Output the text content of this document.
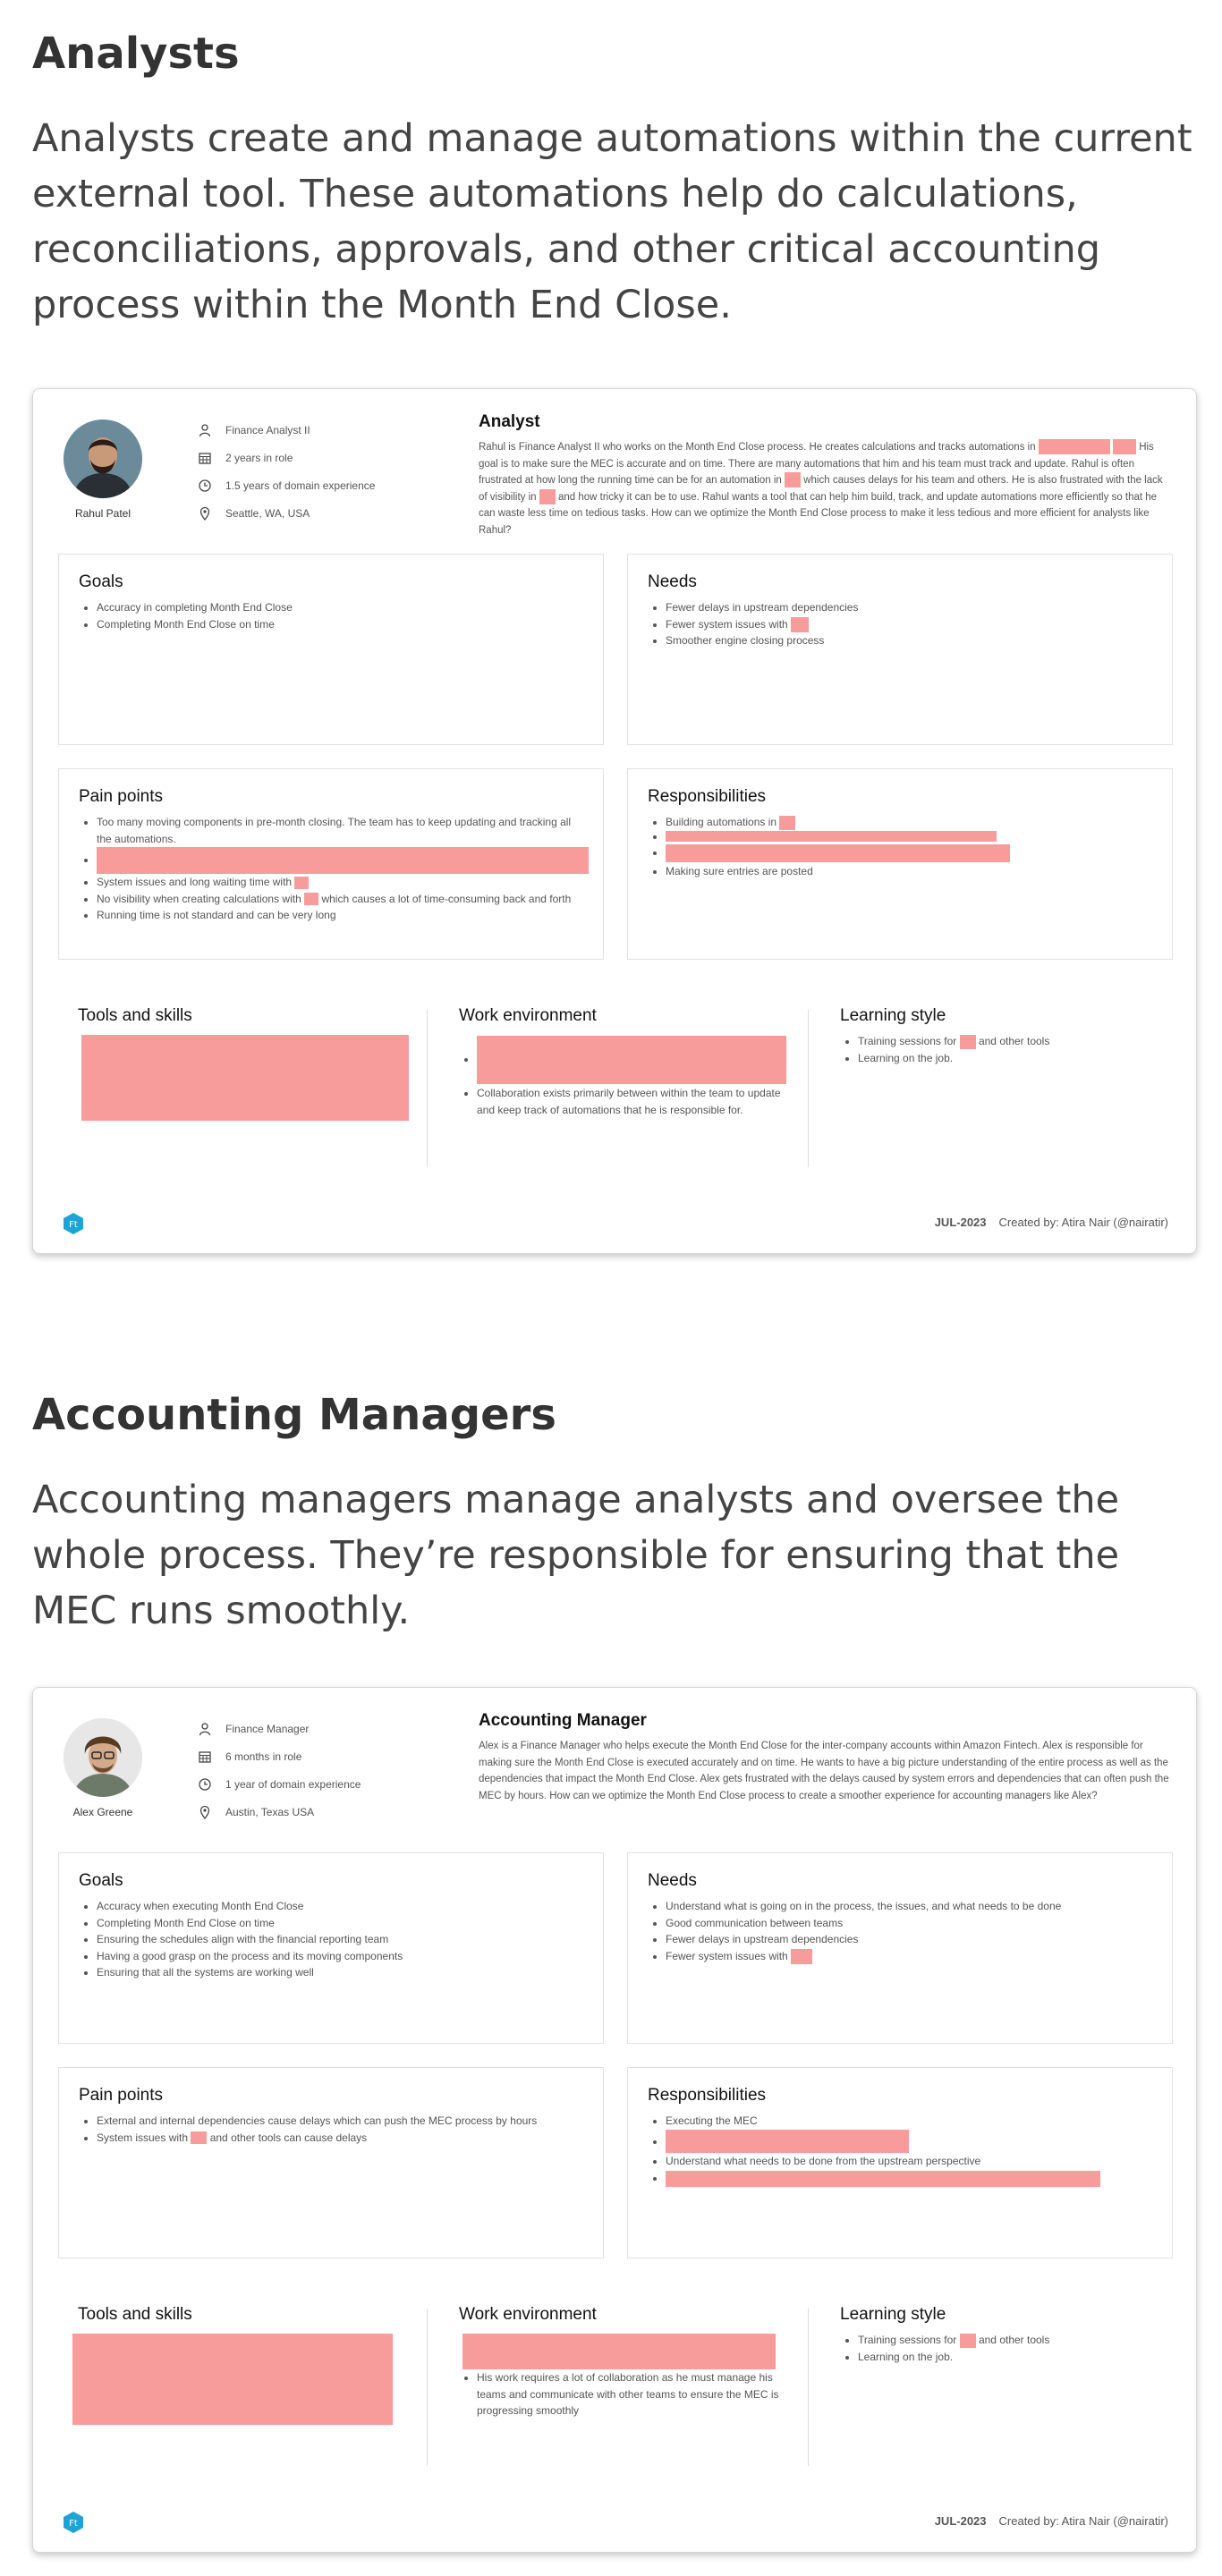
Analysts

Analysts create and manage automations within the current external tool. These automations help do calculations, reconciliations, approvals, and other critical accounting process within the Month End Close.

Rahul Patel
Finance Analyst II
2 years in role
1.5 years of domain experience
Seattle, WA, USA
Analyst

Rahul is Finance Analyst II who works on the Month End Close process. He creates calculations and tracks automations in	His goal is to make sure the MEC is accurate and on time. There are many automations that him and his team must track and update. Rahul is often frustrated at how long the running time can be for an automation in  which causes delays for his team and others. He is also frustrated with the lack of visibility in  and how tricky it can be to use. Rahul wants a tool that can help him build, track, and update automations more efficiently so that he can waste less time on tedious tasks. How can we optimize the Month End Close process to make it less tedious and more efficient for analysts like Rahul?

Goals
• Accuracy in completing Month End Close
• Completing Month End Close on time
Needs
• Fewer delays in upstream dependencies
• Fewer system issues with
• Smoother engine closing process
Pain points
• Too many moving components in pre-month closing. The team has to keep updating and tracking all the automations.
•
• System issues and long waiting time with
• No visibility when creating calculations with  which causes a lot of time-consuming back and forth
• Running time is not standard and can be very long
Responsibilities
• Building automations in
•
•
• Making sure entries are posted
Tools and skills	Work environment
•
• Collaboration exists primarily between within the team to update and keep track of automations that he is responsible for.
Learning style
• Training sessions for  and other tools
• Learning on the job.
Ft	JUL-2023 Created by: Atira Nair (@nairatir)
Accounting Managers

Accounting managers manage analysts and oversee the whole process. They’re responsible for ensuring that the MEC runs smoothly.

Alex Greene
Finance Manager
6 months in role
1 year of domain experience
Austin, Texas USA
Accounting Manager

Alex is a Finance Manager who helps execute the Month End Close for the inter-company accounts within Amazon Fintech. Alex is responsible for making sure the Month End Close is executed accurately and on time. He wants to have a big picture understanding of the entire process as well as the dependencies that impact the Month End Close. Alex gets frustrated with the delays caused by system errors and dependencies that can often push the MEC by hours. How can we optimize the Month End Close process to create a smoother experience for accounting managers like Alex?

Goals
• Accuracy when executing Month End Close
• Completing Month End Close on time
• Ensuring the schedules align with the financial reporting team
• Having a good grasp on the process and its moving components
• Ensuring that all the systems are working well
Needs
• Understand what is going on in the process, the issues, and what needs to be done
• Good communication between teams
• Fewer delays in upstream dependencies
• Fewer system issues with
Pain points
• External and internal dependencies cause delays which can push the MEC process by hours
• System issues with  and other tools can cause delays
Responsibilities
• Executing the MEC
•
• Understand what needs to be done from the upstream perspective
•
Tools and skills	Work environment
• His work requires a lot of collaboration as he must manage his teams and communicate with other teams to ensure the MEC is progressing smoothly
Learning style
• Training sessions for  and other tools
• Learning on the job.
Ft	JUL-2023 Created by: Atira Nair (@nairatir)
